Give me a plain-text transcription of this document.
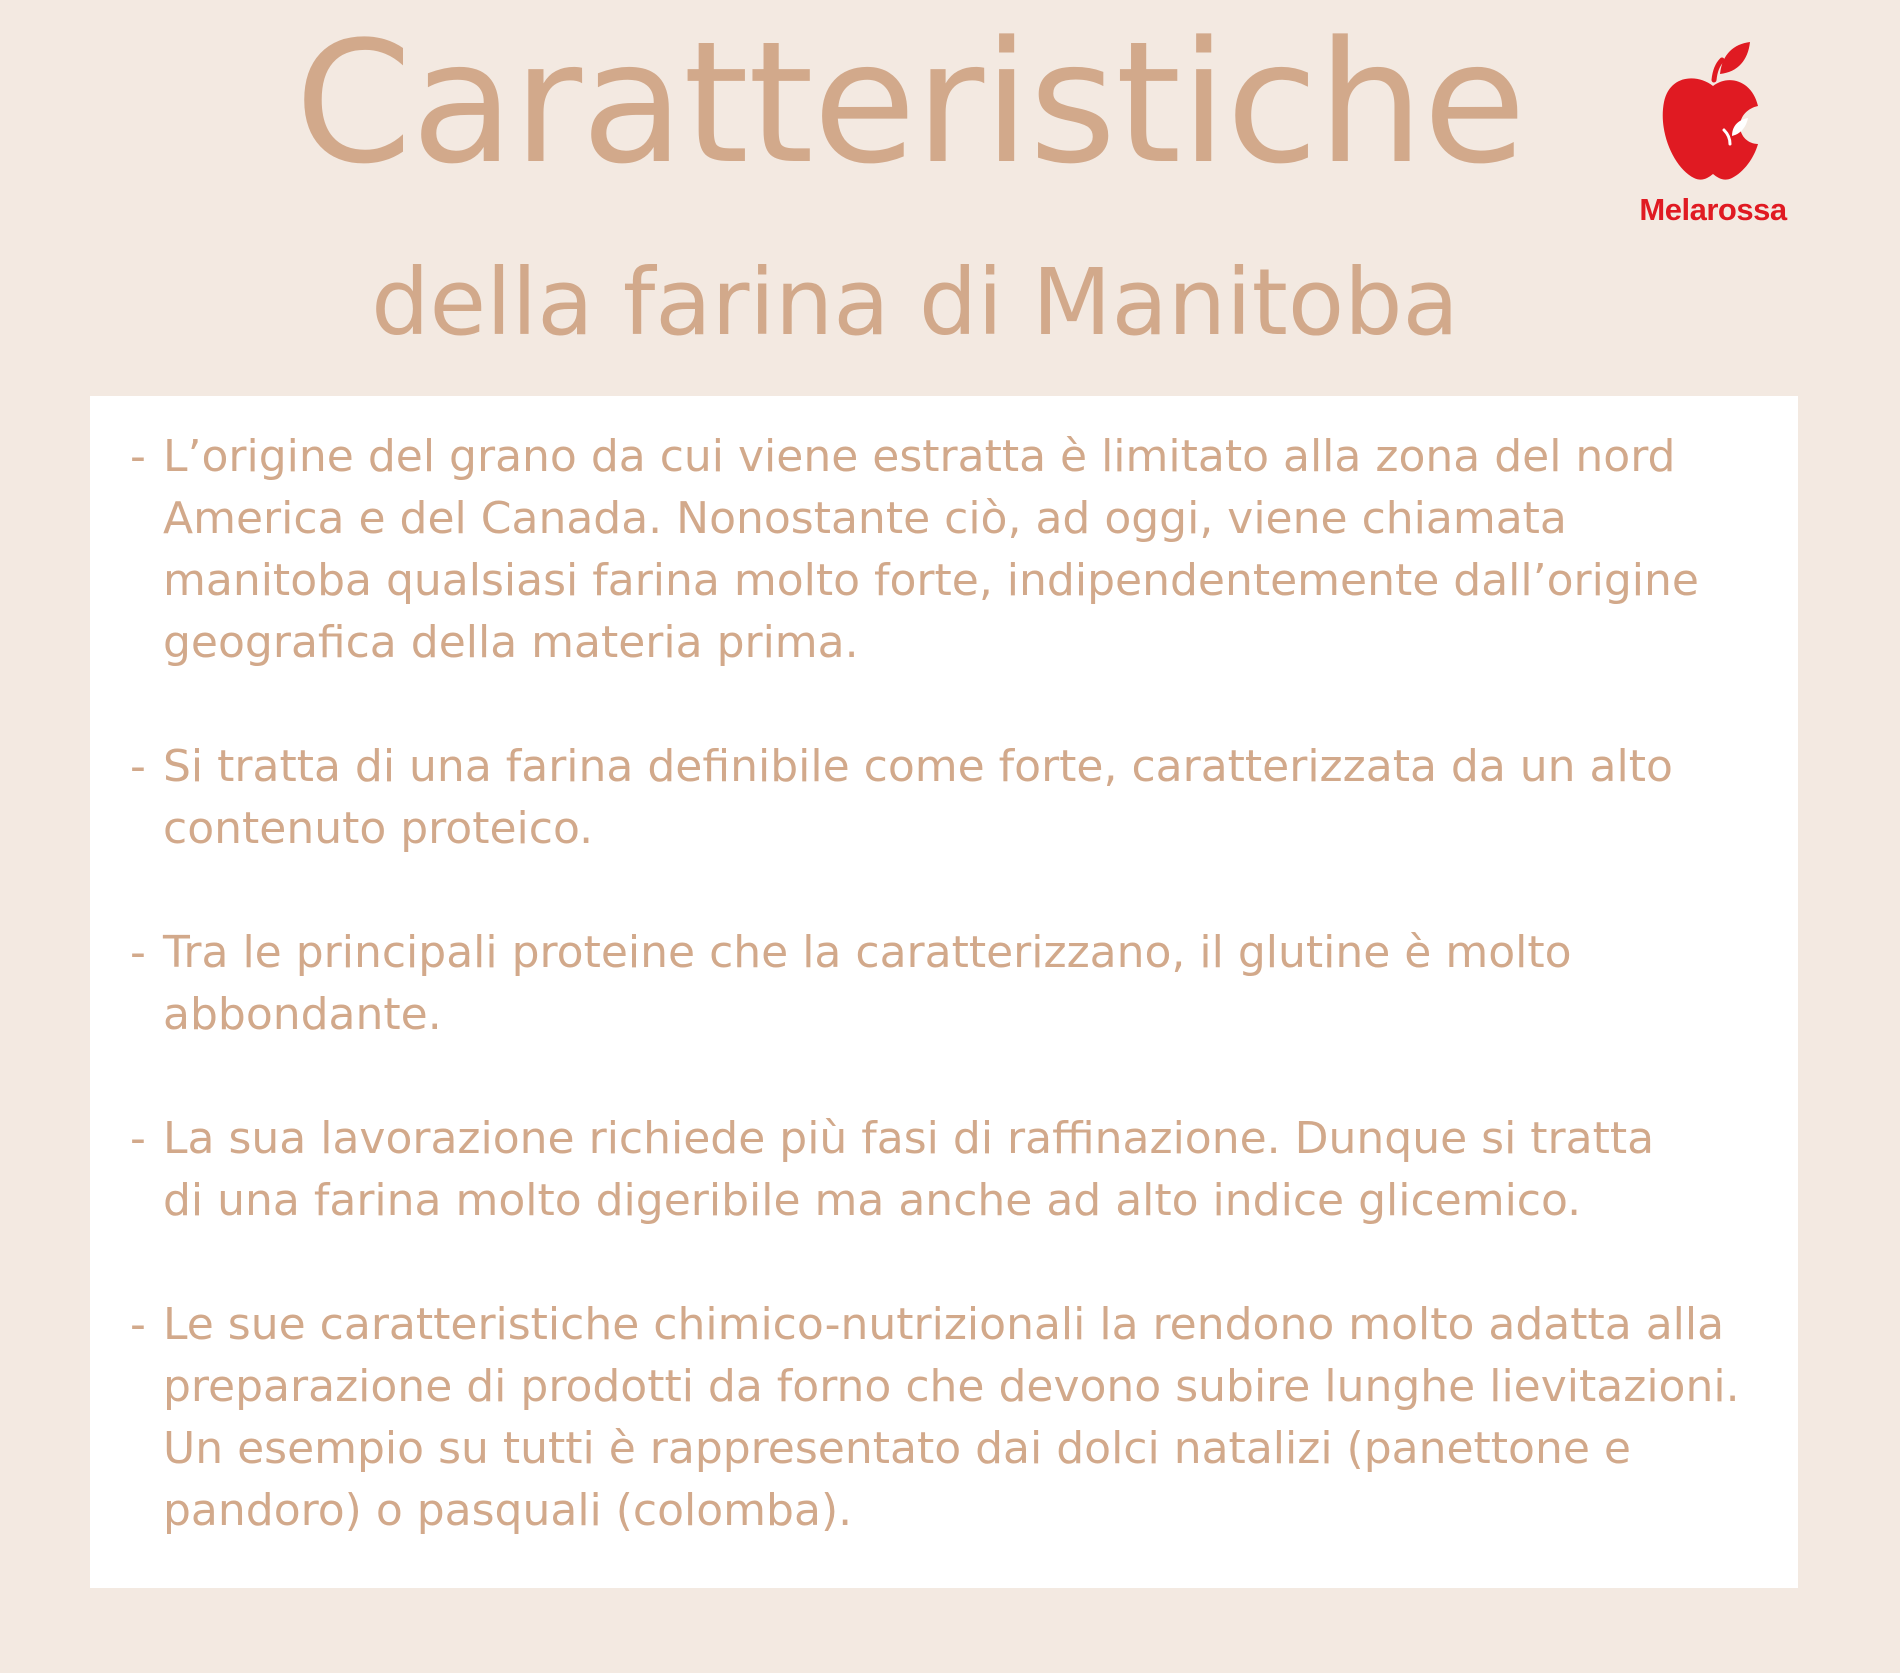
Caratteristiche
della farina di Manitoba
Melarossa
- L’origine del grano da cui viene estratta è limitato alla zona del nord
America e del Canada. Nonostante ciò, ad oggi, viene chiamata
manitoba qualsiasi farina molto forte, indipendentemente dall’origine
geografica della materia prima.
- Si tratta di una farina definibile come forte, caratterizzata da un alto
contenuto proteico.
- Tra le principali proteine che la caratterizzano, il glutine è molto
abbondante.
- La sua lavorazione richiede più fasi di raffinazione. Dunque si tratta
di una farina molto digeribile ma anche ad alto indice glicemico.
- Le sue caratteristiche chimico-nutrizionali la rendono molto adatta alla
preparazione di prodotti da forno che devono subire lunghe lievitazioni.
Un esempio su tutti è rappresentato dai dolci natalizi (panettone e
pandoro) o pasquali (colomba).
